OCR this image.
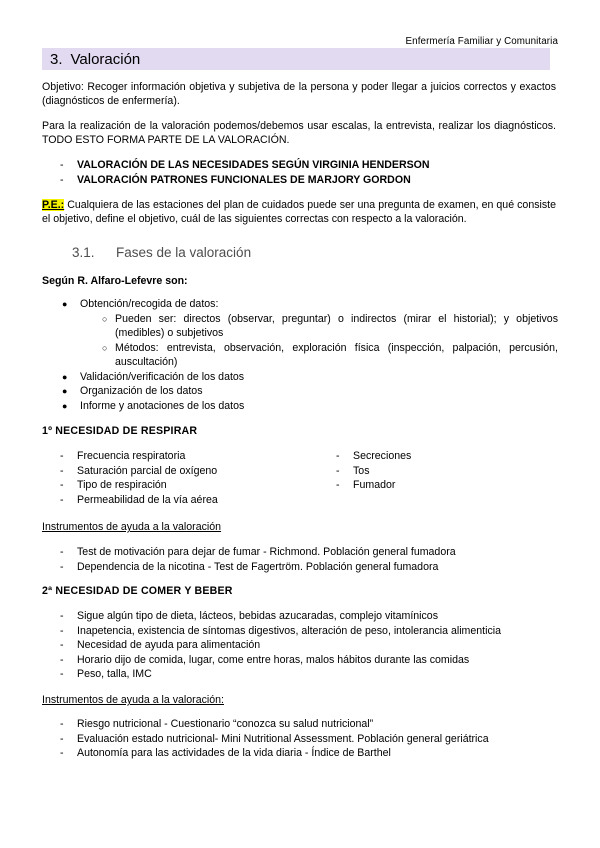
Enfermería Familiar y Comunitaria
3. Valoración
Objetivo: Recoger información objetiva y subjetiva de la persona y poder llegar a juicios correctos y exactos (diagnósticos de enfermería).
Para la realización de la valoración podemos/debemos usar escalas, la entrevista, realizar los diagnósticos. TODO ESTO FORMA PARTE DE LA VALORACIÓN.
-	VALORACIÓN DE LAS NECESIDADES SEGÚN VIRGINIA HENDERSON
-	VALORACIÓN PATRONES FUNCIONALES DE MARJORY GORDON
P.E.: Cualquiera de las estaciones del plan de cuidados puede ser una pregunta de examen, en qué consiste el objetivo, define el objetivo, cuál de las siguientes correctas con respecto a la valoración.
3.1. Fases de la valoración
Según R. Alfaro-Lefevre son:
●	Obtención/recogida de datos:
○ Pueden ser: directos (observar, preguntar) o indirectos (mirar el historial); y objetivos (medibles) o subjetivos
○ Métodos: entrevista, observación, exploración física (inspección, palpación, percusión, auscultación)
●	Validación/verificación de los datos
●	Organización de los datos
●	Informe y anotaciones de los datos
1º NECESIDAD DE RESPIRAR
-	Frecuencia respiratoria
-	Saturación parcial de oxígeno
-	Tipo de respiración
-	Permeabilidad de la vía aérea
-	Secreciones
-	Tos
-	Fumador
Instrumentos de ayuda a la valoración
-	Test de motivación para dejar de fumar - Richmond. Población general fumadora
-	Dependencia de la nicotina - Test de Fagertröm. Población general fumadora
2ª NECESIDAD DE COMER Y BEBER
-	Sigue algún tipo de dieta, lácteos, bebidas azucaradas, complejo vitamínicos
-	Inapetencia, existencia de síntomas digestivos, alteración de peso, intolerancia alimenticia
-	Necesidad de ayuda para alimentación
-	Horario dijo de comida, lugar, come entre horas, malos hábitos durante las comidas
-	Peso, talla, IMC
Instrumentos de ayuda a la valoración:
-	Riesgo nutricional - Cuestionario “conozca su salud nutricional”
-	Evaluación estado nutricional- Mini Nutritional Assessment. Población general geriátrica
-	Autonomía para las actividades de la vida diaria - Índice de Barthel
